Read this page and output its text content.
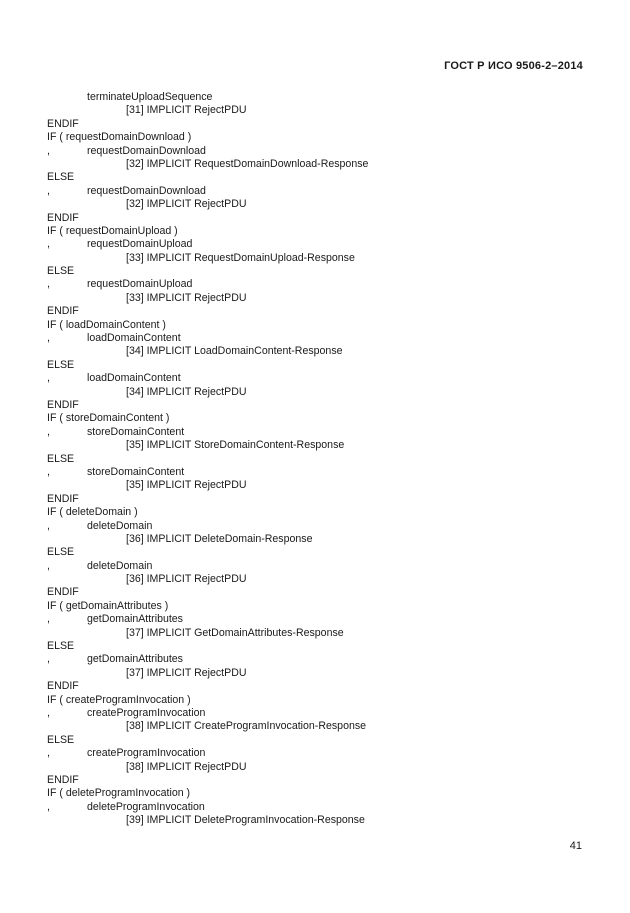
ГОСТ Р ИСО 9506-2–2014
terminateUploadSequence
[31] IMPLICIT RejectPDU
ENDIF
IF ( requestDomainDownload )
,	requestDomainDownload
[32] IMPLICIT RequestDomainDownload-Response
ELSE
,	requestDomainDownload
[32] IMPLICIT RejectPDU
ENDIF
IF ( requestDomainUpload )
,	requestDomainUpload
[33] IMPLICIT RequestDomainUpload-Response
ELSE
,	requestDomainUpload
[33] IMPLICIT RejectPDU
ENDIF
IF ( loadDomainContent )
,	loadDomainContent
[34] IMPLICIT LoadDomainContent-Response
ELSE
,	loadDomainContent
[34] IMPLICIT RejectPDU
ENDIF
IF ( storeDomainContent )
,	storeDomainContent
[35] IMPLICIT StoreDomainContent-Response
ELSE
,	storeDomainContent
[35] IMPLICIT RejectPDU
ENDIF
IF ( deleteDomain )
,	deleteDomain
[36] IMPLICIT DeleteDomain-Response
ELSE
,	deleteDomain
[36] IMPLICIT RejectPDU
ENDIF
IF ( getDomainAttributes )
,	getDomainAttributes
[37] IMPLICIT GetDomainAttributes-Response
ELSE
,	getDomainAttributes
[37] IMPLICIT RejectPDU
ENDIF
IF ( createProgramInvocation )
,	createProgramInvocation
[38] IMPLICIT CreateProgramInvocation-Response
ELSE
,	createProgramInvocation
[38] IMPLICIT RejectPDU
ENDIF
IF ( deleteProgramInvocation )
,	deleteProgramInvocation
[39] IMPLICIT DeleteProgramInvocation-Response
41
